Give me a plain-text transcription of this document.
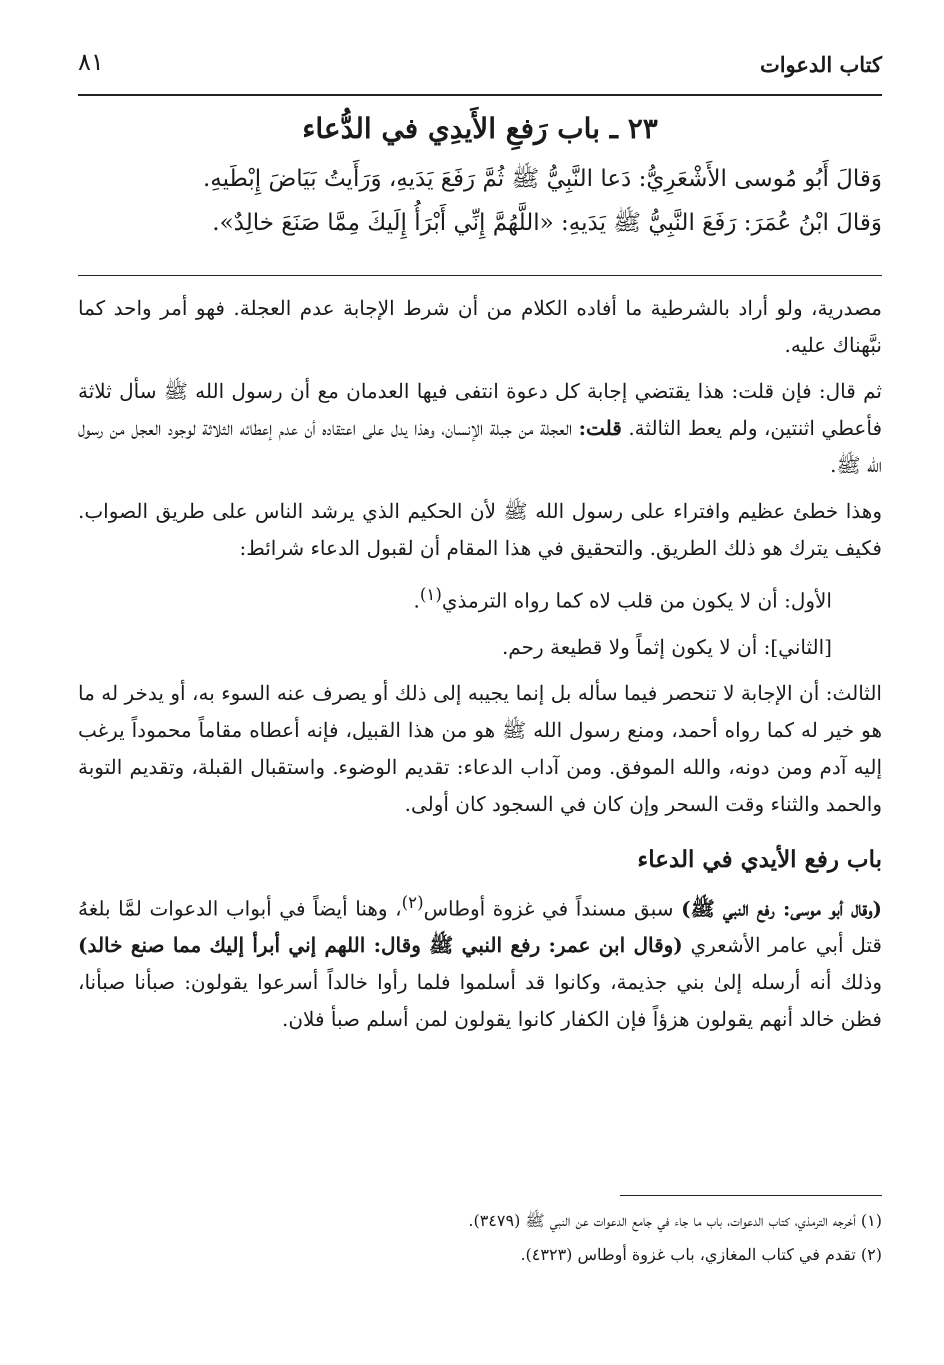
٨١	كتاب الدعوات
٢٣ ـ باب رَفعِ الأَيدِي في الدُّعاء
وَقالَ أَبُو مُوسى الأَشْعَرِيُّ: دَعا النَّبِيُّ ﷺ ثُمَّ رَفَعَ يَدَيهِ، وَرَأَيتُ بَيَاضَ إِبْطَيهِ.
وَقالَ ابْنُ عُمَرَ: رَفَعَ النَّبِيُّ ﷺ يَدَيهِ: «اللَّهُمَّ إِنِّي أَبْرَأُ إِلَيكَ مِمَّا صَنَعَ خالِدٌ».

مصدرية، ولو أراد بالشرطية ما أفاده الكلام من أن شرط الإجابة عدم العجلة. فهو أمر واحد كما نبَّهناك عليه.

ثم قال: فإن قلت: هذا يقتضي إجابة كل دعوة انتفى فيها العدمان مع أن رسول الله ﷺ سأل ثلاثة فأعطي اثنتين، ولم يعط الثالثة. قلت: العجلة من جبلة الإنسان، وهذا يدل على اعتقاده أن عدم إعطائه الثلاثة لوجود العجل من رسول الله ﷺ.

وهذا خطئ عظيم وافتراء على رسول الله ﷺ لأن الحكيم الذي يرشد الناس على طريق الصواب. فكيف يترك هو ذلك الطريق. والتحقيق في هذا المقام أن لقبول الدعاء شرائط:

الأول: أن لا يكون من قلب لاه كما رواه الترمذي$^{(١)}$.

[الثاني]: أن لا يكون إثماً ولا قطيعة رحم.

الثالث: أن الإجابة لا تنحصر فيما سأله بل إنما يجيبه إلى ذلك أو يصرف عنه السوء به، أو يدخر له ما هو خير له كما رواه أحمد، ومنع رسول الله ﷺ هو من هذا القبيل، فإنه أعطاه مقاماً محموداً يرغب إليه آدم ومن دونه، والله الموفق. ومن آداب الدعاء: تقديم الوضوء. واستقبال القبلة، وتقديم التوبة والحمد والثناء وقت السحر وإن كان في السجود كان أولى.

باب رفع الأيدي في الدعاء

(وقال أبو موسى: رفع النبي ﷺ) سبق مسنداً في غزوة أوطاس$^{(٢)}$، وهنا أيضاً في أبواب الدعوات لمَّا بلغهُ قتل أبي عامر الأشعري (وقال ابن عمر: رفع النبي ﷺ وقال: اللهم إني أبرأ إليك مما صنع خالد) وذلك أنه أرسله إلىٰ بني جذيمة، وكانوا قد أسلموا فلما رأوا خالداً أسرعوا يقولون: صبأنا صبأنا، فظن خالد أنهم يقولون هزؤاً فإن الكفار كانوا يقولون لمن أسلم صبأ فلان.

(١) أخرجه الترمذي، كتاب الدعوات، باب ما جاء في جامع الدعوات عن النبي ﷺ (٣٤٧٩).
(٢) تقدم في كتاب المغازي، باب غزوة أوطاس (٤٣٢٣).
